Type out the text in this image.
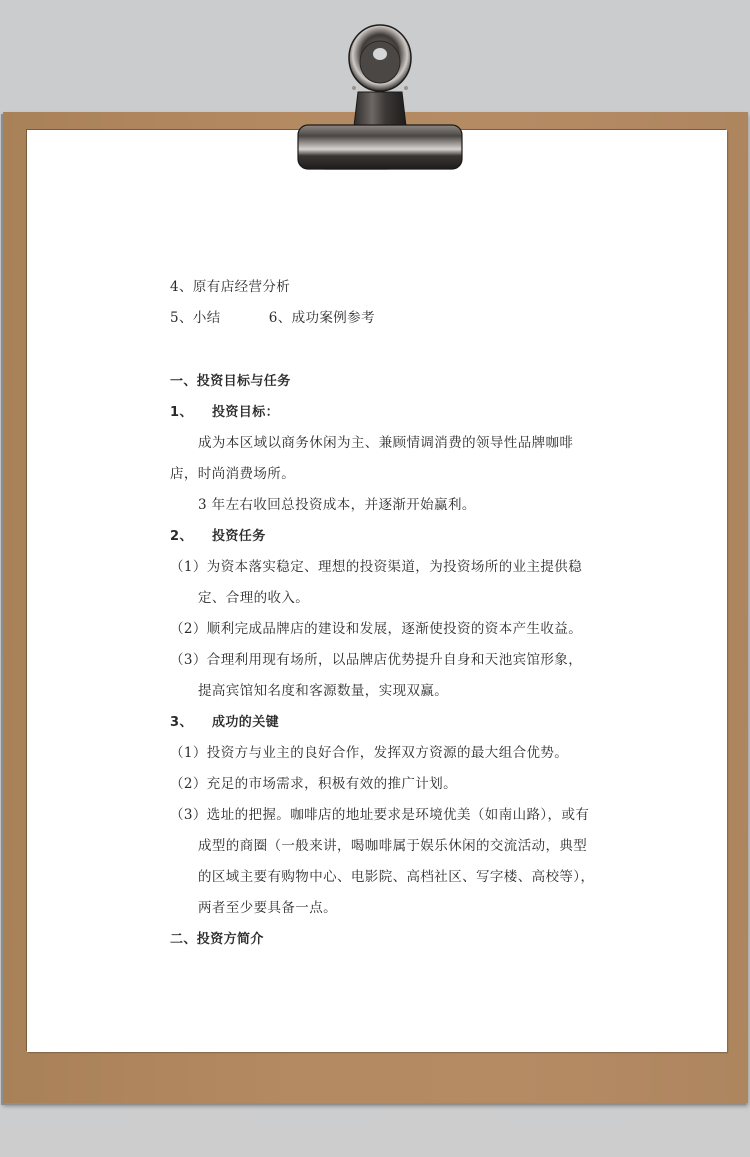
4、原有店经营分析
5、小结	6、成功案例参考
一、投资目标与任务
1、 投资目标：
成为本区域以商务休闲为主、兼顾情调消费的领导性品牌咖啡
店，时尚消费场所。
3 年左右收回总投资成本，并逐渐开始赢利。
2、 投资任务
（1）为资本落实稳定、理想的投资渠道，为投资场所的业主提供稳
定、合理的收入。
（2）顺利完成品牌店的建设和发展，逐渐使投资的资本产生收益。
（3）合理利用现有场所，以品牌店优势提升自身和天池宾馆形象，
提高宾馆知名度和客源数量，实现双赢。
3、 成功的关键
（1）投资方与业主的良好合作，发挥双方资源的最大组合优势。
（2）充足的市场需求，积极有效的推广计划。
（3）选址的把握。咖啡店的地址要求是环境优美（如南山路），或有
成型的商圈（一般来讲，喝咖啡属于娱乐休闲的交流活动，典型
的区域主要有购物中心、电影院、高档社区、写字楼、高校等），
两者至少要具备一点。
二、投资方简介
